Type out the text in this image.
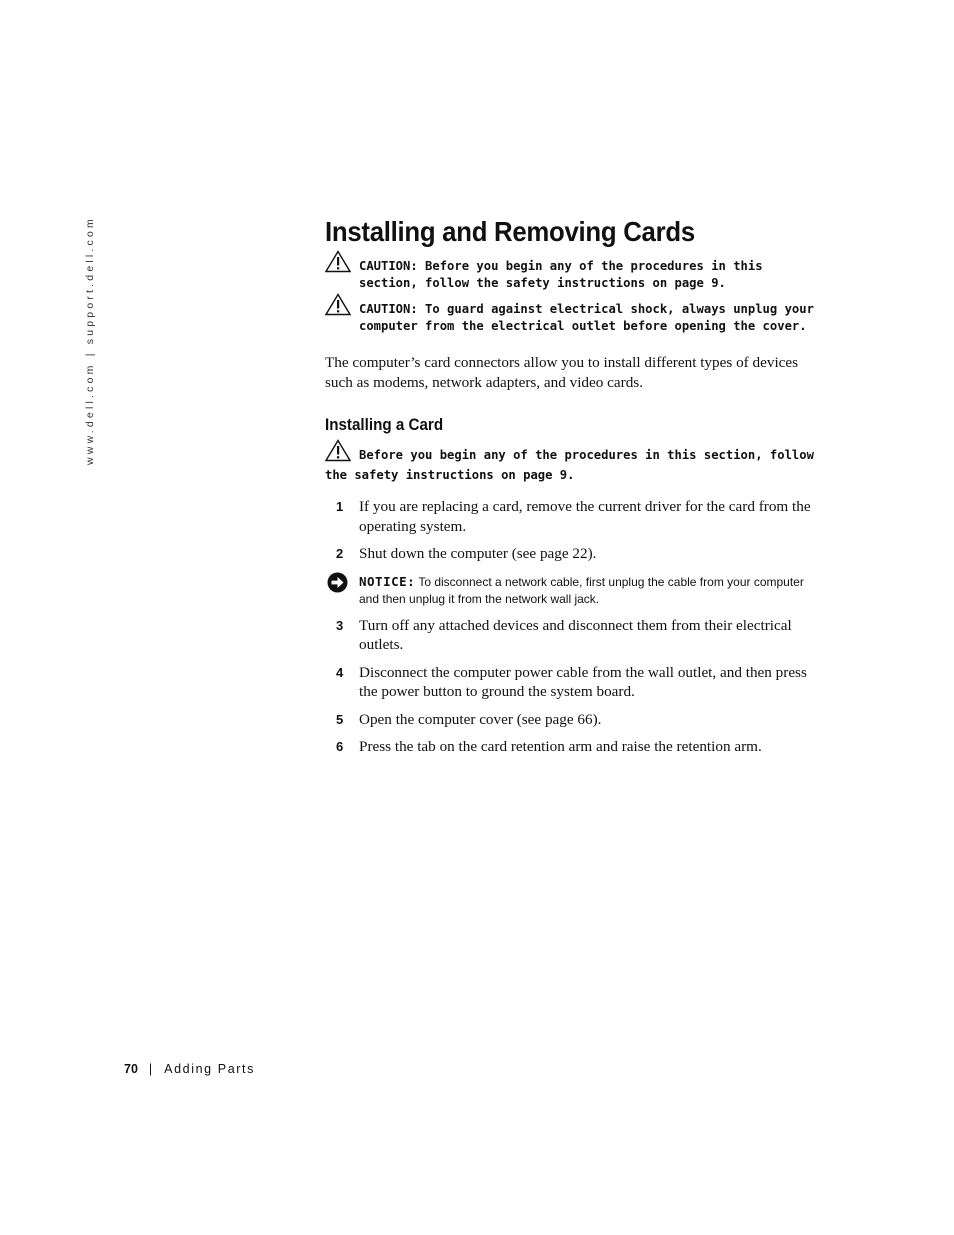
www.dell.com | support.dell.com	Installing and Removing Cards
CAUTION: Before you begin any of the procedures in this section, follow the safety instructions on page 9.
CAUTION: To guard against electrical shock, always unplug your computer from the electrical outlet before opening the cover.

The computer’s card connectors allow you to install different types of devices such as modems, network adapters, and video cards.

Installing a Card
Before you begin any of the procedures in this section, follow the safety instructions on page 9.
1 If you are replacing a card, remove the current driver for the card from the operating system.
2 Shut down the computer (see page 22).
NOTICE: To disconnect a network cable, first unplug the cable from your computer and then unplug it from the network wall jack.
3 Turn off any attached devices and disconnect them from their electrical outlets.
4 Disconnect the computer power cable from the wall outlet, and then press the power button to ground the system board.
5 Open the computer cover (see page 66).
6 Press the tab on the card retention arm and raise the retention arm.
70 | Adding Parts
